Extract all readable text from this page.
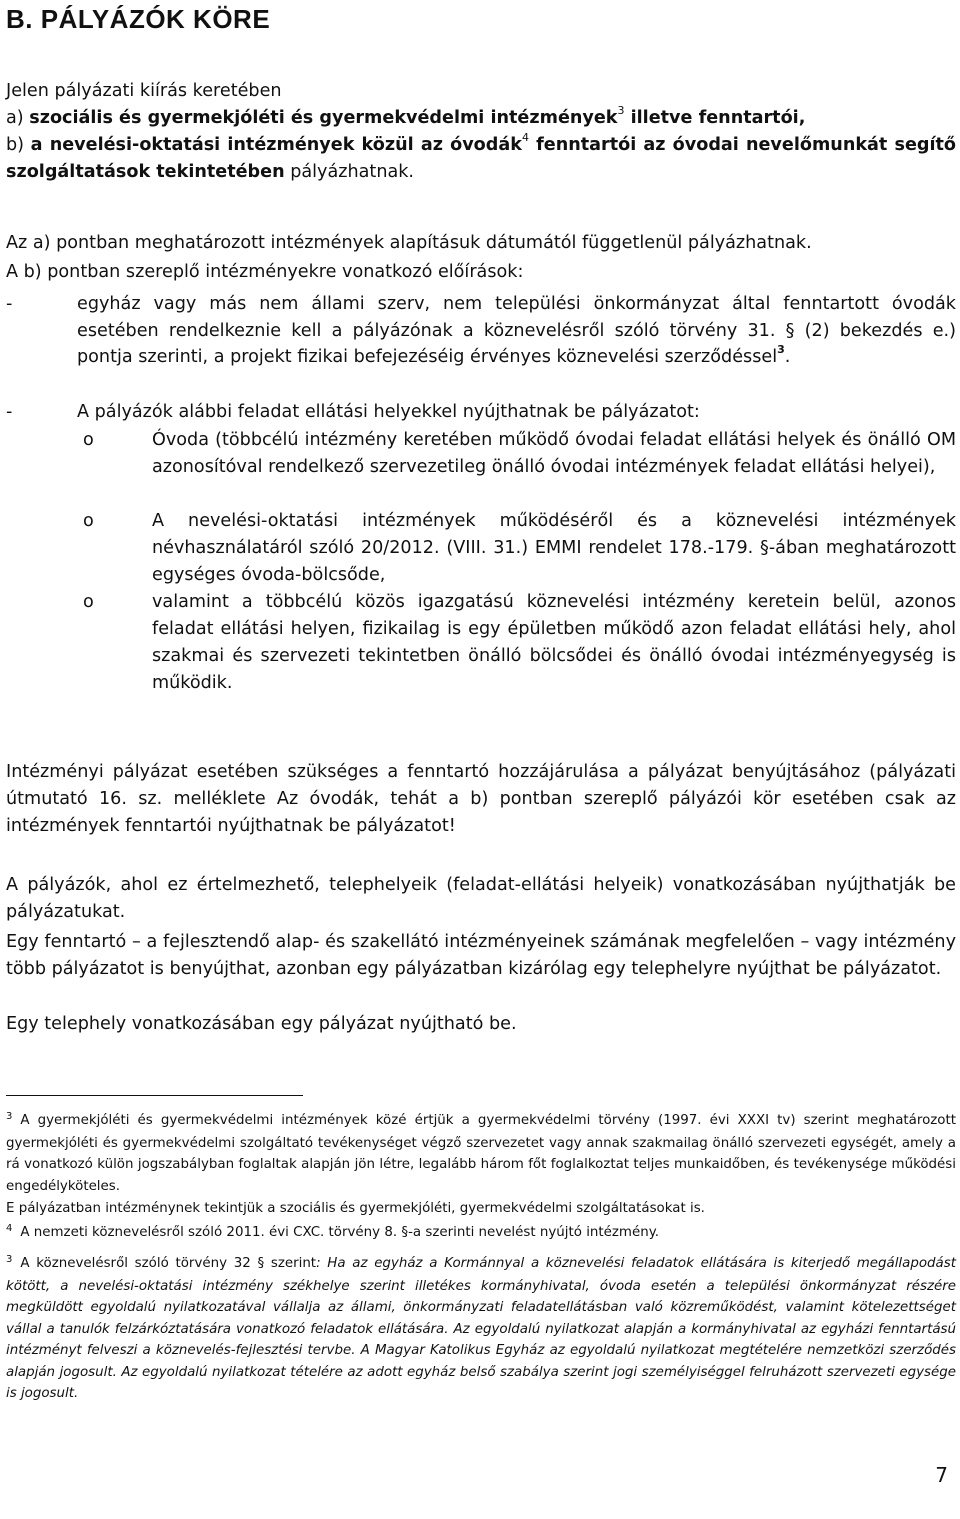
B. PÁLYÁZÓK KÖRE
Jelen pályázati kiírás keretében
a) szociális és gyermekjóléti és gyermekvédelmi intézmények$^3$ illetve fenntartói,
b) a nevelési-oktatási intézmények közül az óvodák$^4$ fenntartói az óvodai nevelőmunkát segítő szolgáltatások tekintetében pályázhatnak.
Az a) pontban meghatározott intézmények alapításuk dátumától függetlenül pályázhatnak.
A b) pontban szereplő intézményekre vonatkozó előírások:
-	egyház vagy más nem állami szerv, nem települési önkormányzat által fenntartott óvodák esetében rendelkeznie kell a pályázónak a köznevelésről szóló törvény 31. § (2) bekezdés e.) pontja szerinti, a projekt fizikai befejezéséig érvényes köznevelési szerződéssel$^3$.
-	A pályázók alábbi feladat ellátási helyekkel nyújthatnak be pályázatot:
o	Óvoda (többcélú intézmény keretében működő óvodai feladat ellátási helyek és önálló OM azonosítóval rendelkező szervezetileg önálló óvodai intézmények feladat ellátási helyei),
o	A nevelési-oktatási intézmények működéséről és a köznevelési intézmények névhasználatáról szóló 20/2012. (VIII. 31.) EMMI rendelet 178.-179. §-ában meghatározott egységes óvoda-bölcsőde,
o	valamint a többcélú közös igazgatású köznevelési intézmény keretein belül, azonos feladat ellátási helyen, fizikailag is egy épületben működő azon feladat ellátási hely, ahol szakmai és szervezeti tekintetben önálló bölcsődei és önálló óvodai intézményegység is működik.
Intézményi pályázat esetében szükséges a fenntartó hozzájárulása a pályázat benyújtásához (pályázati útmutató 16. sz. melléklete Az óvodák, tehát a b) pontban szereplő pályázói kör esetében csak az intézmények fenntartói nyújthatnak be pályázatot!
A pályázók, ahol ez értelmezhető, telephelyeik (feladat-ellátási helyeik) vonatkozásában nyújthatják be pályázatukat.
Egy fenntartó – a fejlesztendő alap- és szakellátó intézményeinek számának megfelelően – vagy intézmény több pályázatot is benyújthat, azonban egy pályázatban kizárólag egy telephelyre nyújthat be pályázatot.
Egy telephely vonatkozásában egy pályázat nyújtható be.
$^3$ A gyermekjóléti és gyermekvédelmi intézmények közé értjük a gyermekvédelmi törvény (1997. évi XXXI tv) szerint meghatározott gyermekjóléti és gyermekvédelmi szolgáltató tevékenységet végző szervezetet vagy annak szakmailag önálló szervezeti egységét, amely a rá vonatkozó külön jogszabályban foglaltak alapján jön létre, legalább három főt foglalkoztat teljes munkaidőben, és tevékenysége működési engedélyköteles.
E pályázatban intézménynek tekintjük a szociális és gyermekjóléti, gyermekvédelmi szolgáltatásokat is.
$^4$ A nemzeti köznevelésről szóló 2011. évi CXC. törvény 8. §-a szerinti nevelést nyújtó intézmény.
$^3$ A köznevelésről szóló törvény 32 § szerint: Ha az egyház a Kormánnyal a köznevelési feladatok ellátására is kiterjedő megállapodást kötött, a nevelési-oktatási intézmény székhelye szerint illetékes kormányhivatal, óvoda esetén a települési önkormányzat részére megküldött egyoldalú nyilatkozatával vállalja az állami, önkormányzati feladatellátásban való közreműködést, valamint kötelezettséget vállal a tanulók felzárkóztatására vonatkozó feladatok ellátására. Az egyoldalú nyilatkozat alapján a kormányhivatal az egyházi fenntartású intézményt felveszi a köznevelés-fejlesztési tervbe. A Magyar Katolikus Egyház az egyoldalú nyilatkozat megtételére nemzetközi szerződés alapján jogosult. Az egyoldalú nyilatkozat tételére az adott egyház belső szabálya szerint jogi személyiséggel felruházott szervezeti egysége is jogosult.
7
